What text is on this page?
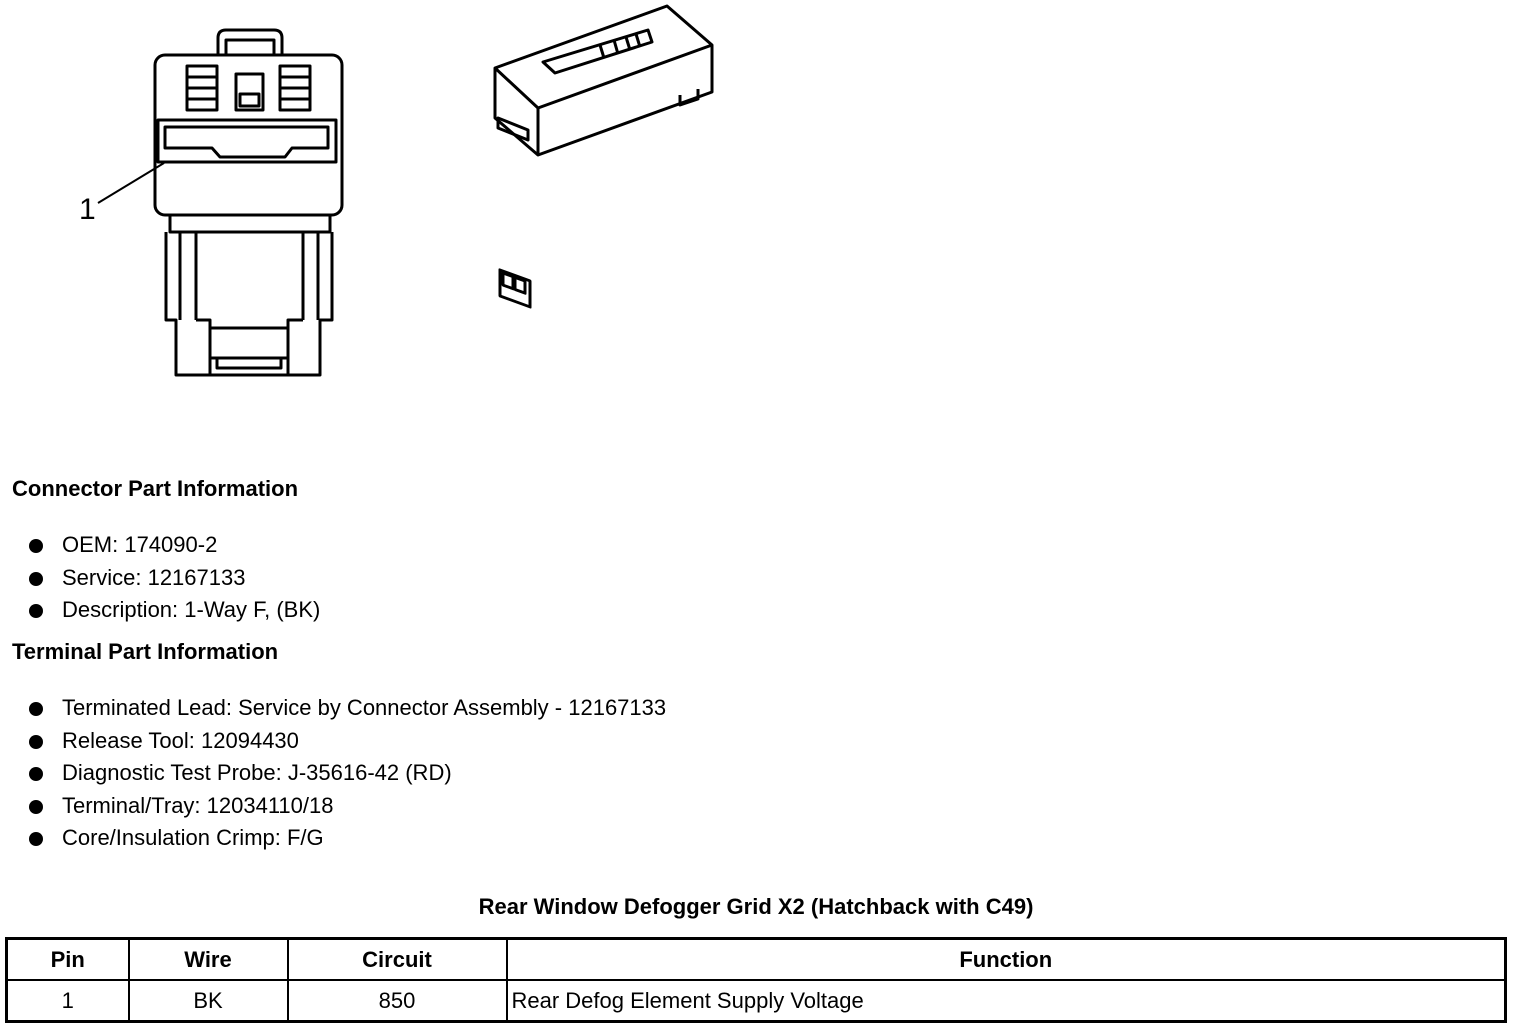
1
Connector Part Information
OEM: 174090-2
Service: 12167133
Description: 1-Way F, (BK)
Terminal Part Information
Terminated Lead: Service by Connector Assembly - 12167133
Release Tool: 12094430
Diagnostic Test Probe: J-35616-42 (RD)
Terminal/Tray: 12034110/18
Core/Insulation Crimp: F/G
Rear Window Defogger Grid X2 (Hatchback with C49)
Pin	Wire	Circuit	Function
1	BK	850	Rear Defog Element Supply Voltage
